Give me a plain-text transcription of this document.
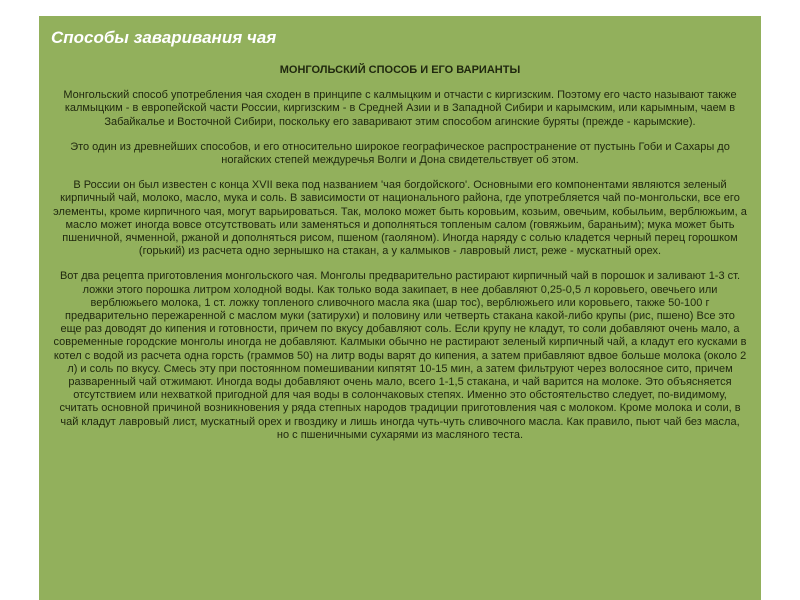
Способы заваривания чая

МОНГОЛЬСКИЙ СПОСОБ И ЕГО ВАРИАНТЫ

Монгольский способ употребления чая сходен в принципе с калмыцким и отчасти с киргизским. Поэтому его часто называют также калмыцким - в европейской части России, киргизским - в Средней Азии и в Западной Сибири и карымским, или карымным, чаем в Забайкалье и Восточной Сибири, поскольку его заваривают этим способом агинские буряты (прежде - карымские).

Это один из древнейших способов, и его относительно широкое географическое распространение от пустынь Гоби и Сахары до ногайских степей междуречья Волги и Дона свидетельствует об этом.

В России он был известен с конца XVII века под названием 'чая богдойского'. Основными его компонентами являются зеленый кирпичный чай, молоко, масло, мука и соль. В зависимости от национального района, где употребляется чай по-монгольски, все его элементы, кроме кирпичного чая, могут варьироваться. Так, молоко может быть коровьим, козьим, овечьим, кобыльим, верблюжьим, а масло может иногда вовсе отсутствовать или заменяться и дополняться топленым салом (говяжьим, бараньим); мука может быть пшеничной, ячменной, ржаной и дополняться рисом, пшеном (гаоляном). Иногда наряду с солью кладется черный перец горошком (горький) из расчета одно зернышко на стакан, а у калмыков - лавровый лист, реже - мускатный орех.

Вот два рецепта приготовления монгольского чая. Монголы предварительно растирают кирпичный чай в порошок и заливают 1-3 ст. ложки этого порошка литром холодной воды. Как только вода закипает, в нее добавляют 0,25-0,5 л коровьего, овечьего или верблюжьего молока, 1 ст. ложку топленого сливочного масла яка (шар тос), верблюжьего или коровьего, также 50-100 г предварительно пережаренной с маслом муки (затирухи) и половину или четверть стакана какой-либо крупы (рис, пшено) Все это еще раз доводят до кипения и готовности, причем по вкусу добавляют соль. Если крупу не кладут, то соли добавляют очень мало, а современные городские монголы иногда не добавляют. Калмыки обычно не растирают зеленый кирпичный чай, а кладут его кусками в котел с водой из расчета одна горсть (граммов 50) на литр воды варят до кипения, а затем прибавляют вдвое больше молока (около 2 л) и соль по вкусу. Смесь эту при постоянном помешивании кипятят 10-15 мин, а затем фильтруют через волосяное сито, причем разваренный чай отжимают. Иногда воды добавляют очень мало, всего 1-1,5 стакана, и чай варится на молоке. Это объясняется отсутствием или нехваткой пригодной для чая воды в солончаковых степях. Именно это обстоятельство следует, по-видимому, считать основной причиной возникновения у ряда степных народов традиции приготовления чая с молоком. Кроме молока и соли, в чай кладут лавровый лист, мускатный орех и гвоздику и лишь иногда чуть-чуть сливочного масла. Как правило, пьют чай без масла, но с пшеничными сухарями из масляного теста.
